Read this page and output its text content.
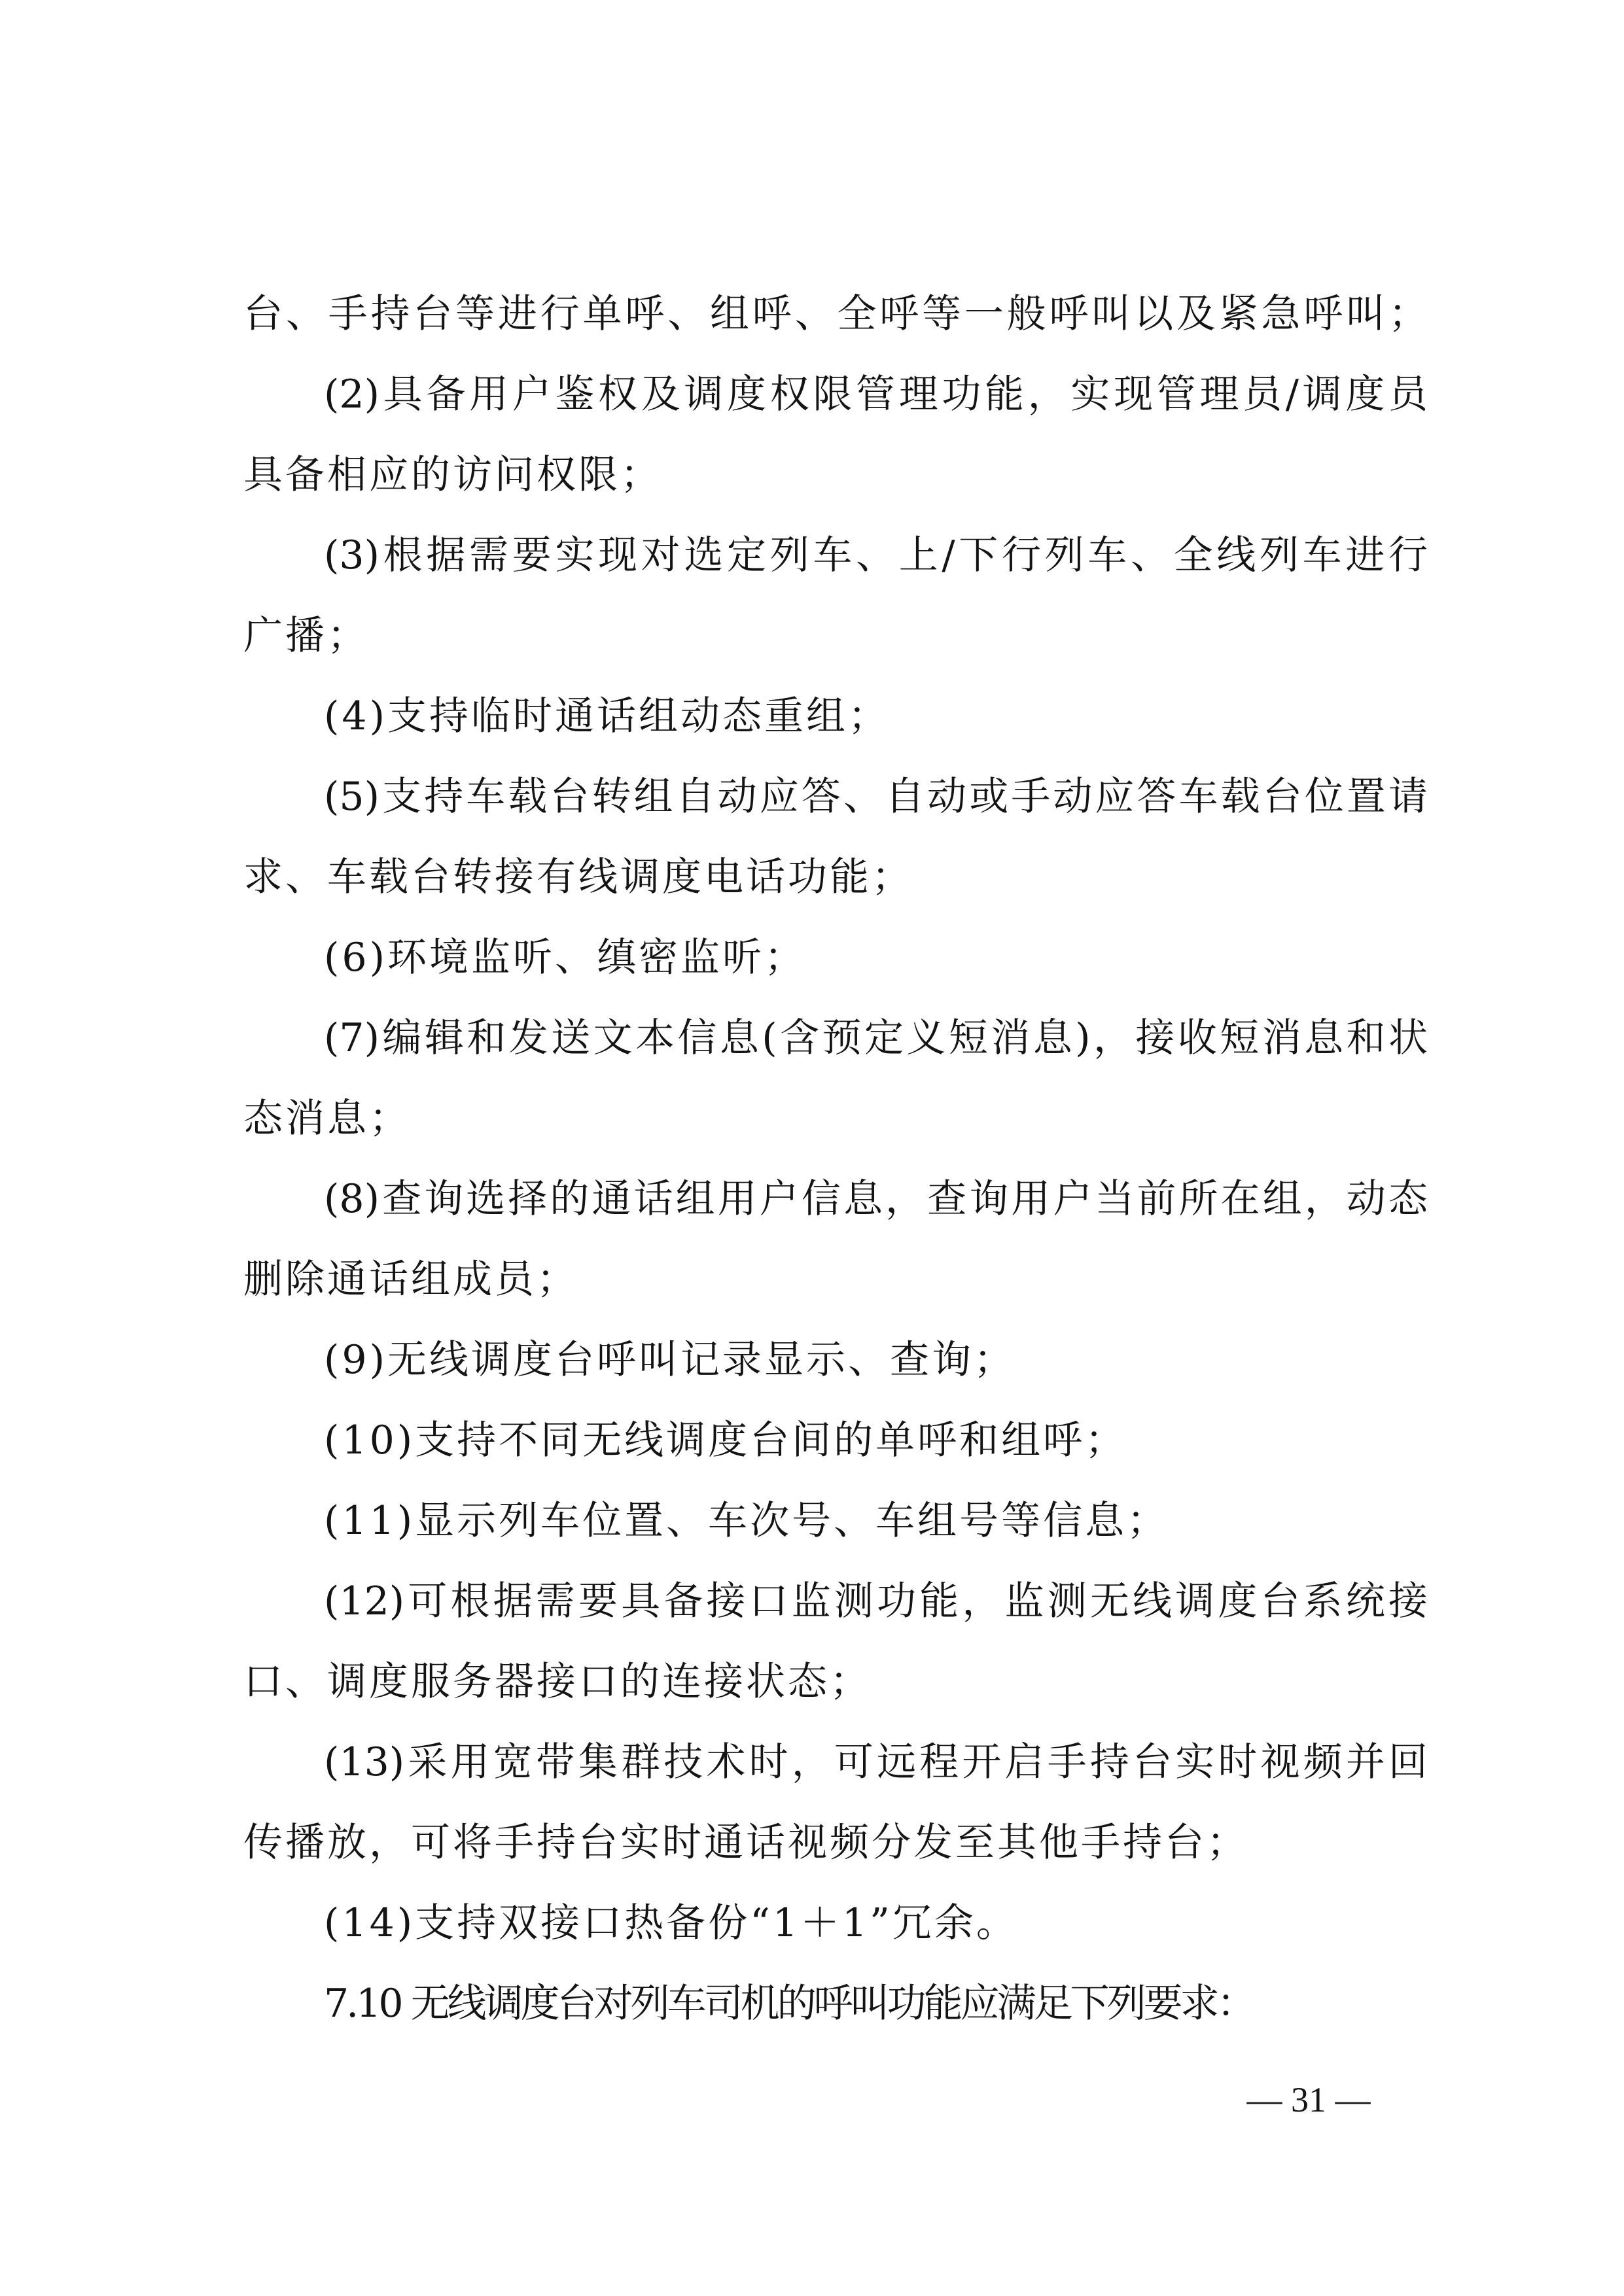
台、手持台等进行单呼、组呼、全呼等一般呼叫以及紧急呼叫；
(2)具备用户鉴权及调度权限管理功能，实现管理员/调度员
具备相应的访问权限；
(3)根据需要实现对选定列车、上/下行列车、全线列车进行
广播；
(4)支持临时通话组动态重组；
(5)支持车载台转组自动应答、自动或手动应答车载台位置请
求、车载台转接有线调度电话功能；
(6)环境监听、缜密监听；
(7)编辑和发送文本信息(含预定义短消息)，接收短消息和状
态消息；
(8)查询选择的通话组用户信息，查询用户当前所在组，动态
删除通话组成员；
(9)无线调度台呼叫记录显示、查询；
(10)支持不同无线调度台间的单呼和组呼；
(11)显示列车位置、车次号、车组号等信息；
(12)可根据需要具备接口监测功能，监测无线调度台系统接
口、调度服务器接口的连接状态；
(13)采用宽带集群技术时，可远程开启手持台实时视频并回
传播放，可将手持台实时通话视频分发至其他手持台；
(14)支持双接口热备份“1＋1”冗余。
7.10 无线调度台对列车司机的呼叫功能应满足下列要求：
— 31 —
